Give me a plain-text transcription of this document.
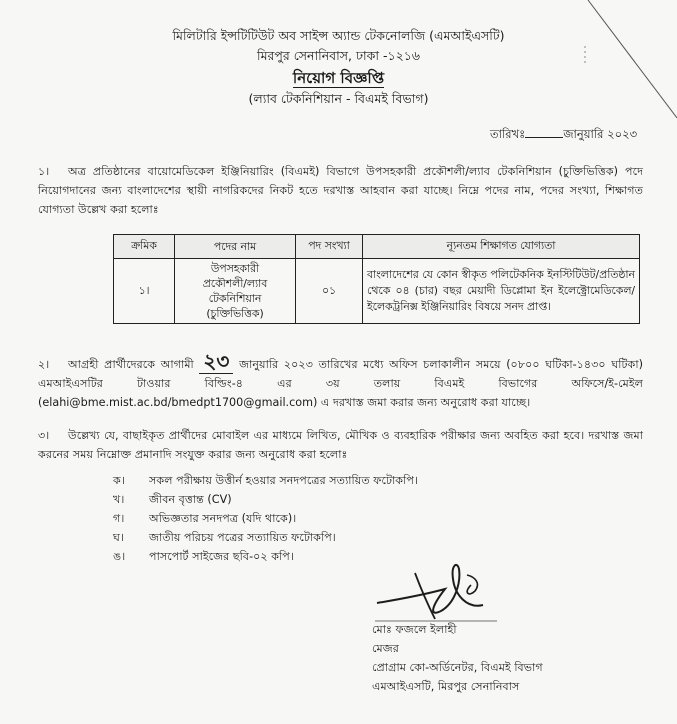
মিলিটারি ইন্সটিটিউট অব সাইন্স অ্যান্ড টেকনোলজি (এমআইএসটি)
মিরপুর সেনানিবাস, ঢাকা -১২১৬
নিয়োগ বিজ্ঞপ্তি
(ল্যাব টেকনিশিয়ান - বিএমই বিভাগ)
তারিখঃ	জানুয়ারি ২০২৩
১। অত্র প্রতিষ্ঠানের বায়োমেডিকেল ইঞ্জিনিয়ারিং (বিএমই) বিভাগে উপসহকারী প্রকৌশলী/ল্যাব টেকনিশিয়ান (চুক্তিভিত্তিক) পদে নিয়োগদানের জন্য বাংলাদেশের স্থায়ী নাগরিকদের নিকট হতে দরখাস্ত আহবান করা যাচ্ছে। নিম্নে পদের নাম, পদের সংখ্যা, শিক্ষাগত যোগ্যতা উল্লেখ করা হলোঃ
ক্রমিক	পদের নাম	পদ সংখ্যা	ন্যূনতম শিক্ষাগত যোগ্যতা
১।	উপসহকারী
প্রকৌশলী/ল্যাব
টেকনিশিয়ান
(চুক্তিভিত্তিক)	০১	বাংলাদেশের যে কোন স্বীকৃত পলিটেকনিক ইনস্টিটিউট/প্রতিষ্ঠান থেকে ০৪ (চার) বছর মেয়াদী ডিপ্লোমা ইন ইলেক্ট্রোমেডিকেল/ইলেকট্রনিক্স ইঞ্জিনিয়ারিং বিষয়ে সনদ প্রাপ্ত।
২। আগ্রহী প্রার্থীদেরকে আগামী ২৩ জানুয়ারি ২০২৩ তারিখের মধ্যে অফিস চলাকালীন সময়ে (০৮০০ ঘটিকা-১৪৩০ ঘটিকা) এমআইএসটির টাওয়ার বিল্ডিং-৪ এর ৩য় তলায় বিএমই বিভাগের অফিসে/ই-মেইল (elahi@bme.mist.ac.bd/bmedpt1700@gmail.com) এ দরখাস্ত জমা করার জন্য অনুরোধ করা যাচ্ছে।
৩। উল্লেখ্য যে, বাছাইকৃত প্রার্থীদের মোবাইল এর মাধ্যমে লিখিত, মৌখিক ও ব্যবহারিক পরীক্ষার জন্য অবহিত করা হবে। দরখাস্ত জমা করনের সময় নিম্নোক্ত প্রমানাদি সংযুক্ত করার জন্য অনুরোধ করা হলোঃ
ক।	সকল পরীক্ষায় উত্তীর্ন হওয়ার সনদপত্রের সত্যায়িত ফটোকপি।
খ।	জীবন বৃত্তান্ত (CV)
গ।	অভিজ্ঞতার সনদপত্র (যদি থাকে)।
ঘ।	জাতীয় পরিচয় পত্রের সত্যায়িত ফটোকপি।
ঙ।	পাসপোর্ট সাইজের ছবি-০২ কপি।
মোঃ ফজলে ইলাহী
মেজর
প্রোগ্রাম কো-অর্ডিনেটর, বিএমই বিভাগ
এমআইএসটি, মিরপুর সেনানিবাস
